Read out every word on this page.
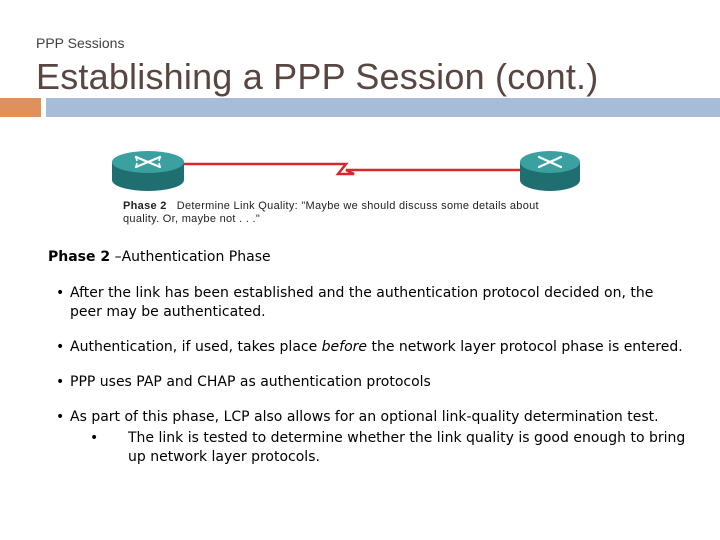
PPP Sessions
Establishing a PPP Session (cont.)
Phase 2 Determine Link Quality: "Maybe we should discuss some details about quality. Or, maybe not . . ."

Phase 2 –Authentication Phase

• After the link has been established and the authentication protocol decided on, the peer may be authenticated.

• Authentication, if used, takes place before the network layer protocol phase is entered.

• PPP uses PAP and CHAP as authentication protocols

• As part of this phase, LCP also allows for an optional link-quality determination test.
• The link is tested to determine whether the link quality is good enough to bring up network layer protocols.
